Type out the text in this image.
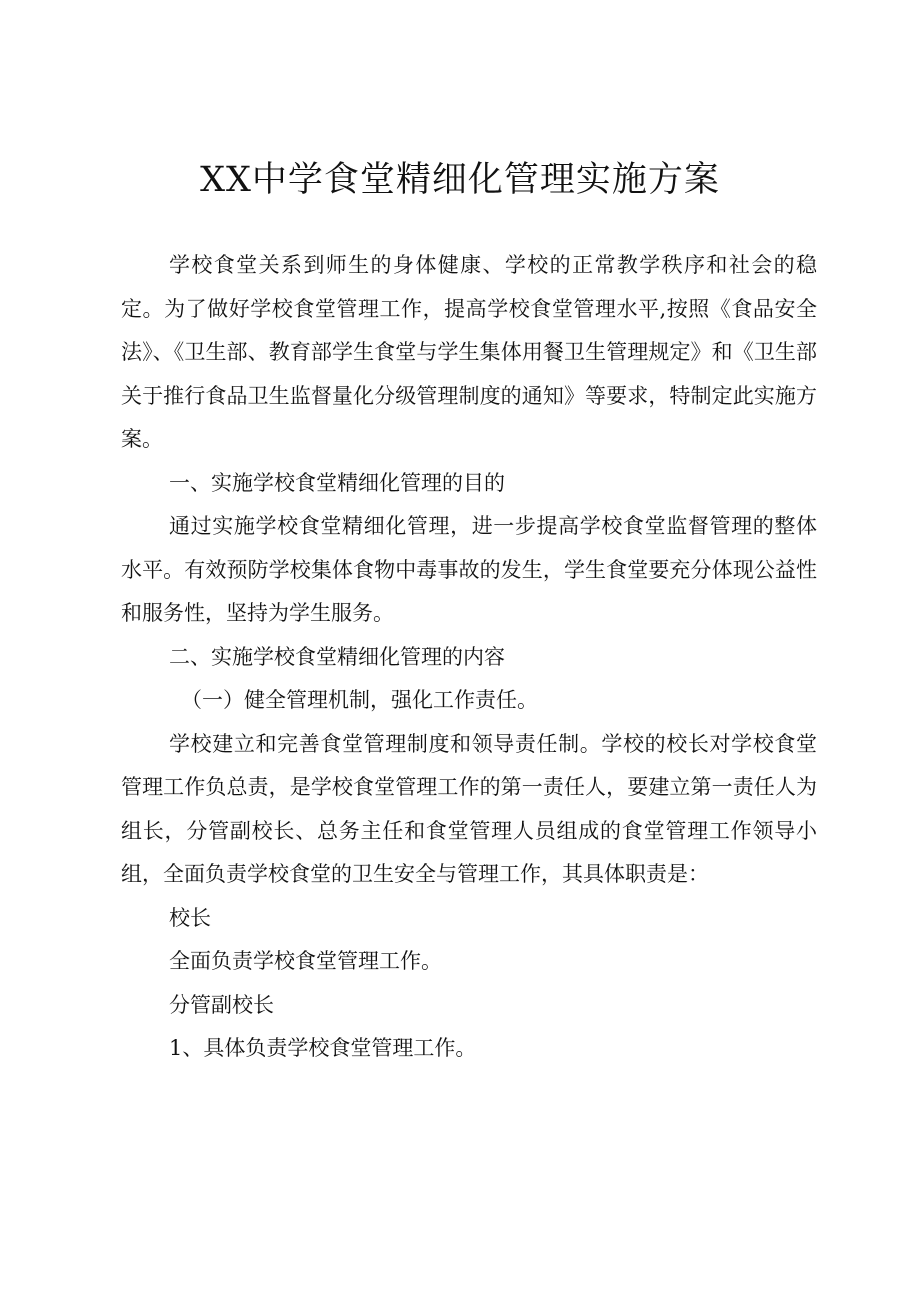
XX中学食堂精细化管理实施方案

学校食堂关系到师生的身体健康、学校的正常教学秩序和社会的稳定。为了做好学校食堂管理工作，提高学校食堂管理水平,按照《食品安全法》、《卫生部、教育部学生食堂与学生集体用餐卫生管理规定》和《卫生部关于推行食品卫生监督量化分级管理制度的通知》等要求，特制定此实施方案。

一、实施学校食堂精细化管理的目的

通过实施学校食堂精细化管理，进一步提高学校食堂监督管理的整体水平。有效预防学校集体食物中毒事故的发生，学生食堂要充分体现公益性和服务性，坚持为学生服务。

二、实施学校食堂精细化管理的内容

（一）健全管理机制，强化工作责任。

学校建立和完善食堂管理制度和领导责任制。学校的校长对学校食堂管理工作负总责，是学校食堂管理工作的第一责任人，要建立第一责任人为组长，分管副校长、总务主任和食堂管理人员组成的食堂管理工作领导小组，全面负责学校食堂的卫生安全与管理工作，其具体职责是：

校长

全面负责学校食堂管理工作。

分管副校长

1、具体负责学校食堂管理工作。
